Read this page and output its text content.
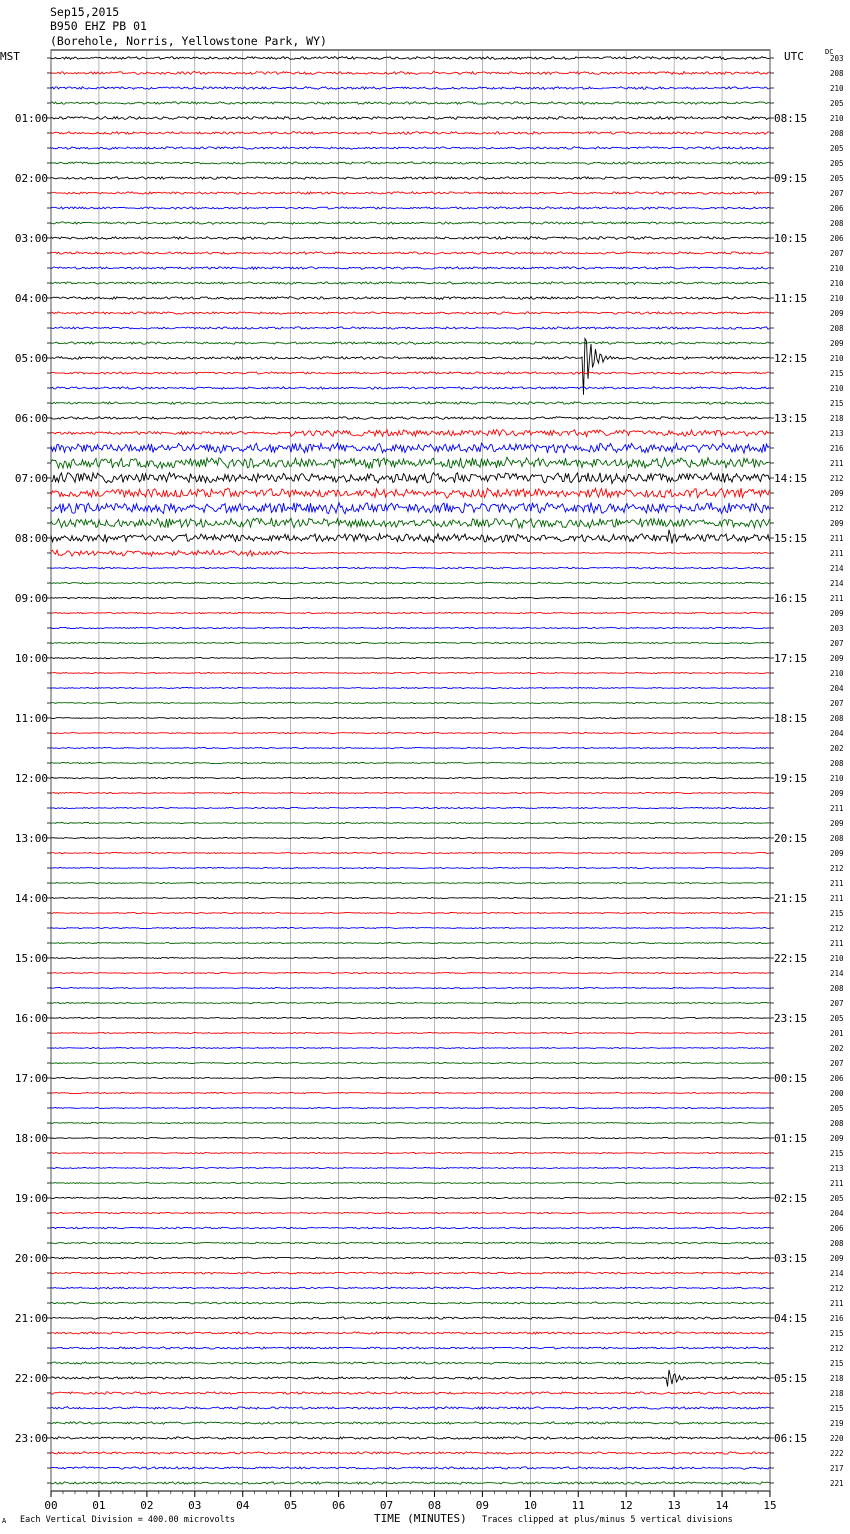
Sep15,2015
B950 EHZ PB 01
(Borehole, Norris, Yellowstone Park, WY)
MST	UTC	DC
00	01	02	03	04	05	06	07	08	09	10	11	12	13	14	15
203
208
210
205
210
208
205
205
205
207
206
208
206
207
210
210
210
209
208
209
210
215
210
215
218
213
216
211
212
209
212
209
211
211
214
214
211
209
203
207
209
210
204
207
208
204
202
208
210
209
211
209
208
209
212
211
211
215
212
211
210
214
208
207
205
201
202
207
206
200
205
208
209
215
213
211
205
204
206
208
209
214
212
211
216
215
212
215
218
218
215
219
220
222
217
221
01:00
02:00
03:00
04:00
05:00
06:00
07:00
08:00
09:00
10:00
11:00
12:00
13:00
14:00
15:00
16:00
17:00
18:00
19:00
20:00
21:00
22:00
23:00
08:15
09:15
10:15
11:15
12:15
13:15
14:15
15:15
16:15
17:15
18:15
19:15
20:15
21:15
22:15
23:15
00:15
01:15
02:15
03:15
04:15
05:15
06:15
A Each Vertical Division = 400.00 microvolts	TIME (MINUTES) Traces clipped at plus/minus 5 vertical divisions
